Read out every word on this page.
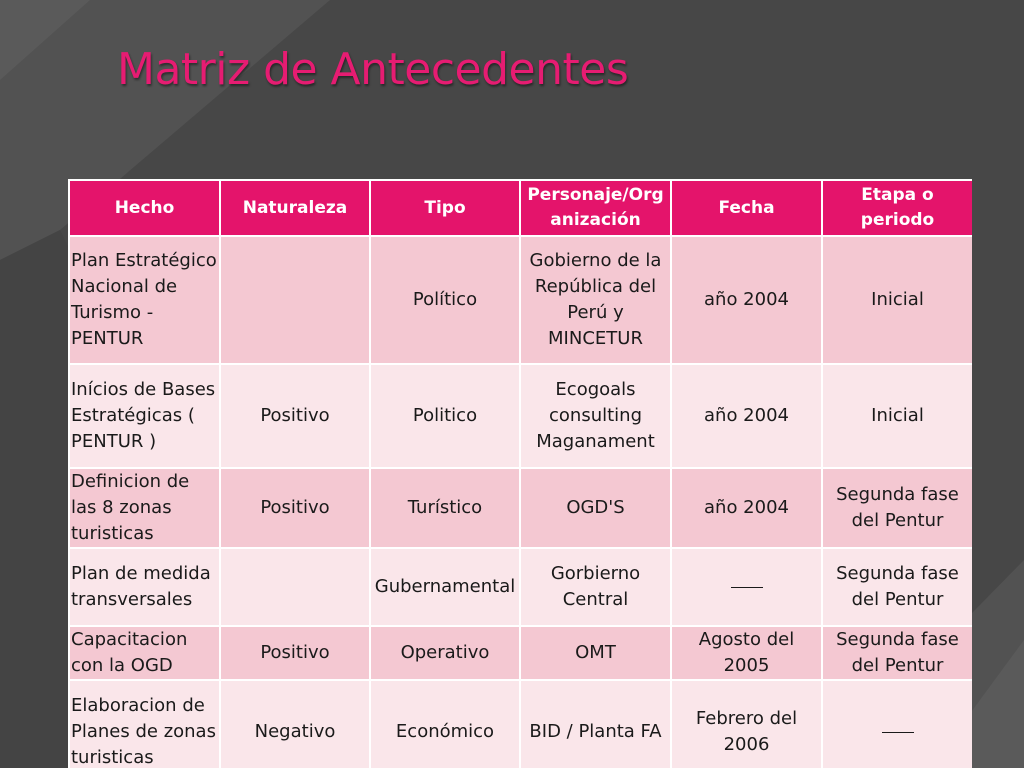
Matriz de Antecedentes
Hecho	Naturaleza	Tipo	Personaje/Organización	Fecha	Etapa o periodo
Plan Estratégico Nacional de Turismo - PENTUR		Político	Gobierno de la República del Perú y MINCETUR	año 2004	Inicial
Inícios de Bases Estratégicas ( PENTUR )	Positivo	Politico	Ecogoals consulting Maganament	año 2004	Inicial
Definicion de las 8 zonas turisticas	Positivo	Turístico	OGD'S	año 2004	Segunda fase del Pentur
Plan de medida transversales		Gubernamental	Gorbierno Central		Segunda fase del Pentur
Capacitacion con la OGD	Positivo	Operativo	OMT	Agosto del 2005	Segunda fase del Pentur
Elaboracion de Planes de zonas turisticas	Negativo	Económico	BID / Planta FA	Febrero del 2006	
